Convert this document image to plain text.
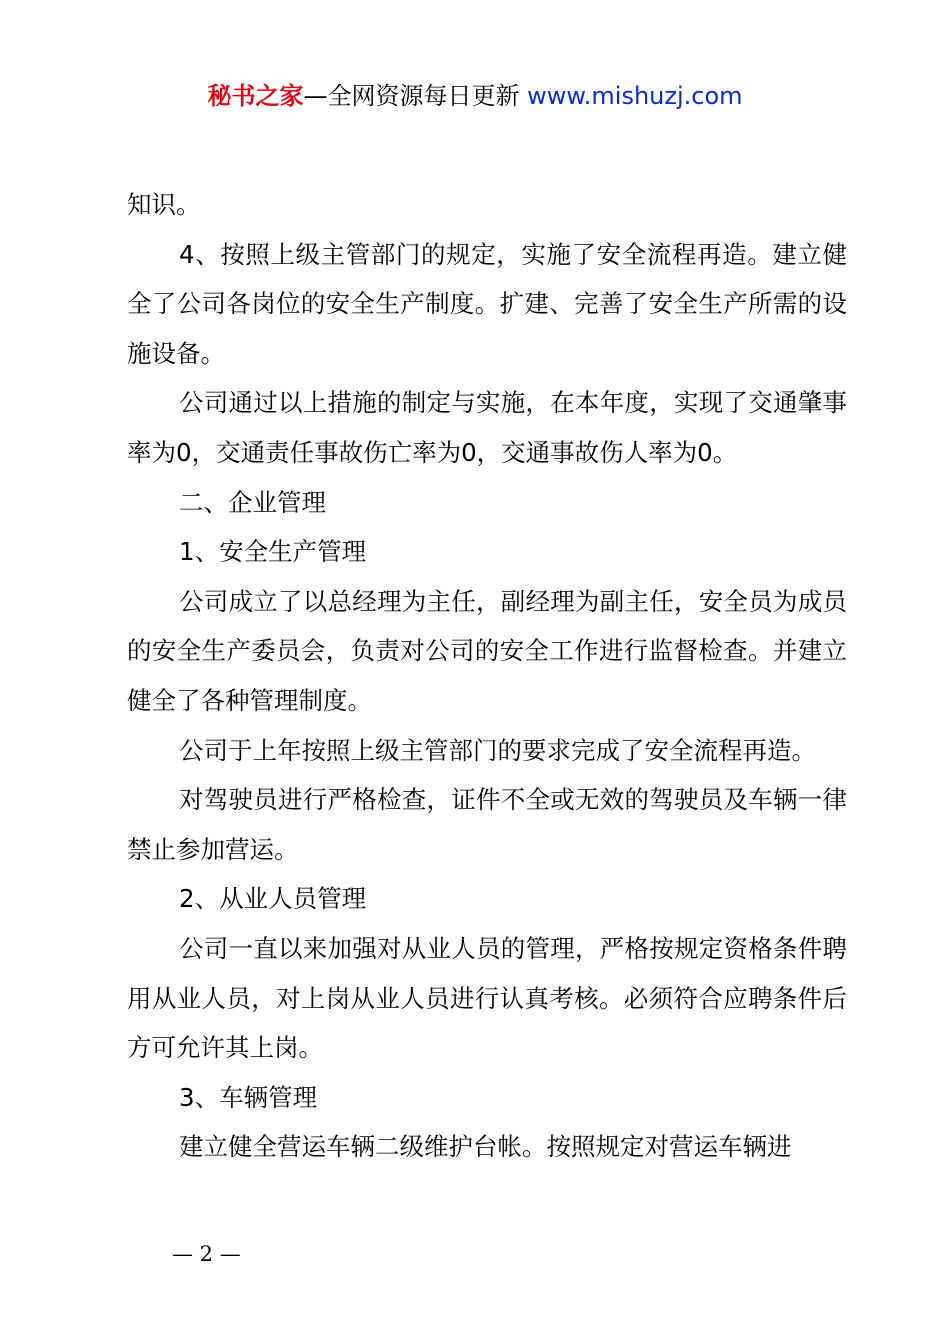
秘书之家—全网资源每日更新 www.mishuzj.com

知识。

4、按照上级主管部门的规定，实施了安全流程再造。建立健全了公司各岗位的安全生产制度。扩建、完善了安全生产所需的设施设备。

公司通过以上措施的制定与实施，在本年度，实现了交通肇事率为0，交通责任事故伤亡率为0，交通事故伤人率为0。

二、企业管理

1、安全生产管理

公司成立了以总经理为主任，副经理为副主任，安全员为成员的安全生产委员会，负责对公司的安全工作进行监督检查。并建立健全了各种管理制度。

公司于上年按照上级主管部门的要求完成了安全流程再造。

对驾驶员进行严格检查，证件不全或无效的驾驶员及车辆一律禁止参加营运。

2、从业人员管理

公司一直以来加强对从业人员的管理，严格按规定资格条件聘用从业人员，对上岗从业人员进行认真考核。必须符合应聘条件后方可允许其上岗。

3、车辆管理

建立健全营运车辆二级维护台帐。按照规定对营运车辆进

— 2 —
